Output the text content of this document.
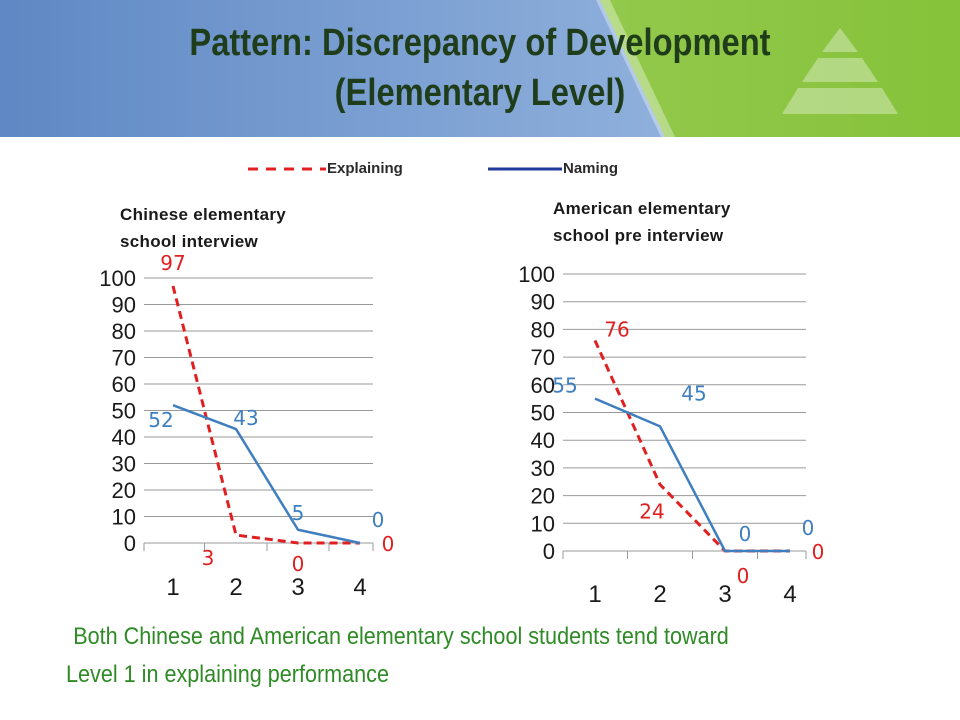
Pattern: Discrepancy of Development
(Elementary Level)
Explaining	Naming
Chinese elementary
school interview
American elementary
school pre interview
100
90
80
70
60
50
40
30
20
10
0
1 2 3 4
97
3	0
0
52	43
5	0
100
90
80
70
60
50
40
30
20
10
0
1 2 3 4
76
24
0
0
55	45
0	0
Both Chinese and American elementary school students tend toward
Level 1 in explaining performance
